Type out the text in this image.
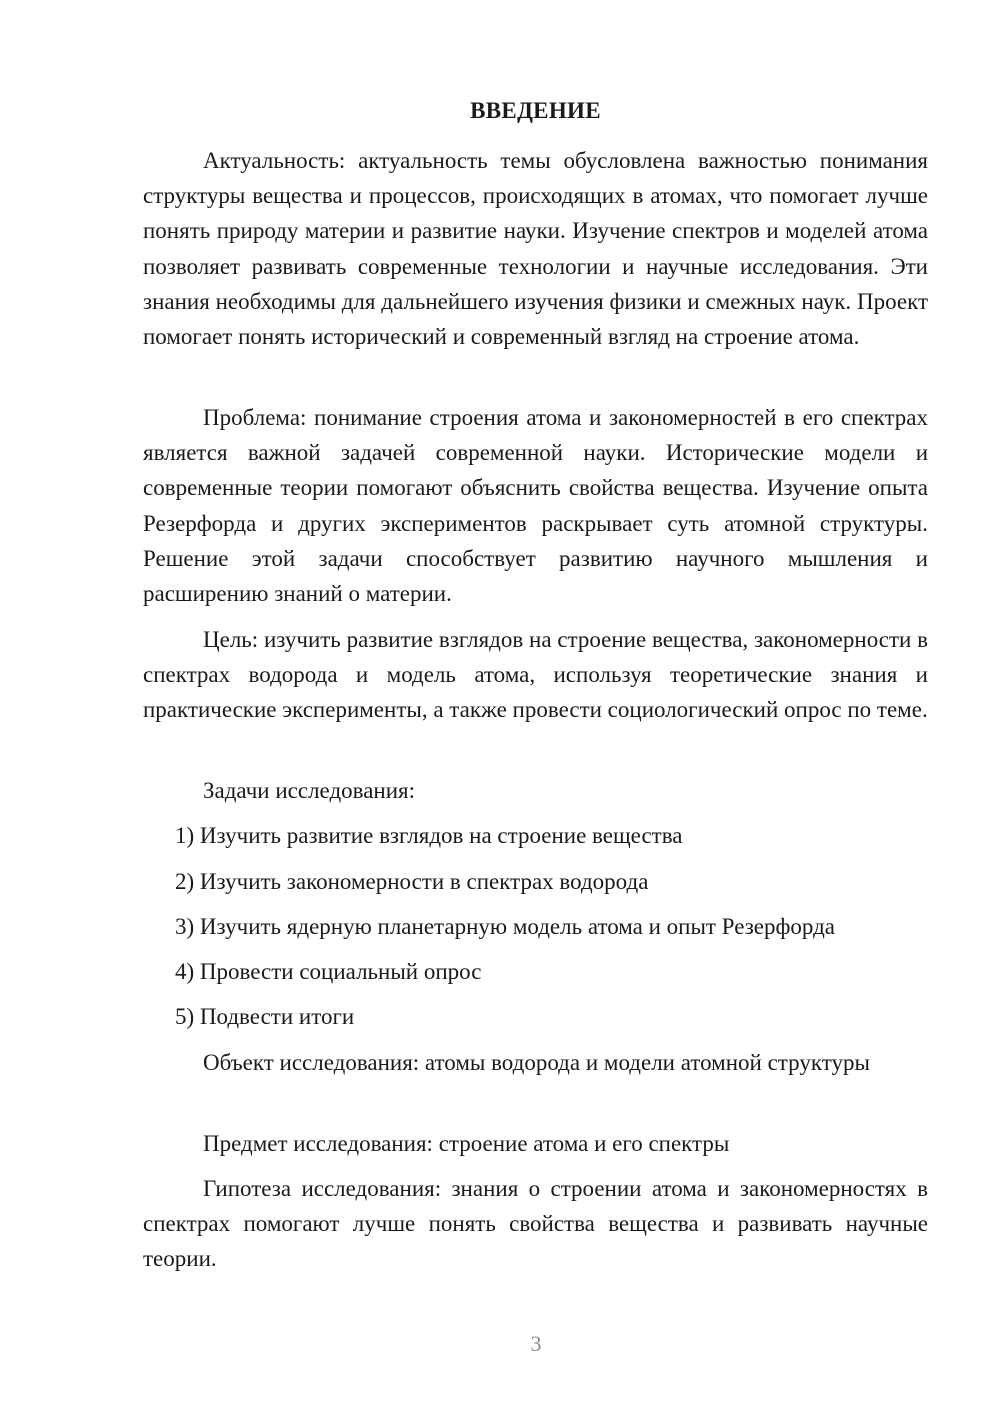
ВВЕДЕНИЕ

Актуальность: актуальность темы обусловлена важностью понимания структуры вещества и процессов, происходящих в атомах, что помогает лучше понять природу материи и развитие науки. Изучение спектров и моделей атома позволяет развивать современные технологии и научные исследования. Эти знания необходимы для дальнейшего изучения физики и смежных наук. Проект помогает понять исторический и современный взгляд на строение атома.

Проблема: понимание строения атома и закономерностей в его спектрах является важной задачей современной науки. Исторические модели и современные теории помогают объяснить свойства вещества. Изучение опыта Резерфорда и других экспериментов раскрывает суть атомной структуры. Решение этой задачи способствует развитию научного мышления и расширению знаний о материи.

Цель: изучить развитие взглядов на строение вещества, закономерности в спектрах водорода и модель атома, используя теоретические знания и практические эксперименты, а также провести социологический опрос по теме.

Задачи исследования:

1) Изучить развитие взглядов на строение вещества

2) Изучить закономерности в спектрах водорода

3) Изучить ядерную планетарную модель атома и опыт Резерфорда

4) Провести социальный опрос

5) Подвести итоги

Объект исследования: атомы водорода и модели атомной структуры

Предмет исследования: строение атома и его спектры

Гипотеза исследования: знания о строении атома и закономерностях в спектрах помогают лучше понять свойства вещества и развивать научные теории.

3
